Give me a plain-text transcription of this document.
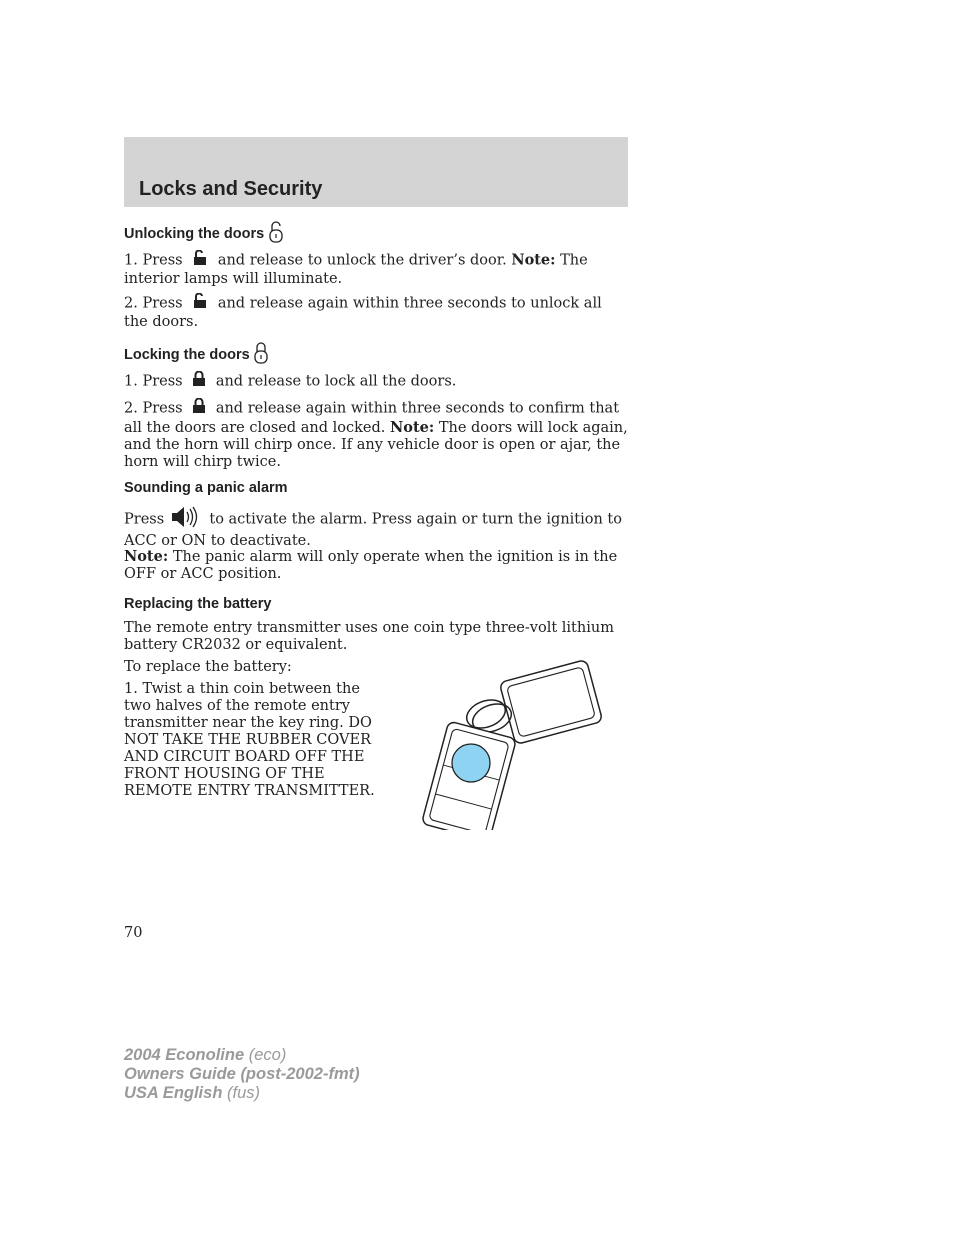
Locks and Security
Unlocking the doors
1. Press and release to unlock the driver’s door. Note: The interior lamps will illuminate.
2. Press and release again within three seconds to unlock all the doors.
Locking the doors
1. Press and release to lock all the doors.
2. Press and release again within three seconds to confirm that all the doors are closed and locked. Note: The doors will lock again, and the horn will chirp once. If any vehicle door is open or ajar, the horn will chirp twice.
Sounding a panic alarm
Press	to activate the alarm. Press again or turn the ignition to ACC or ON to deactivate.
Note: The panic alarm will only operate when the ignition is in the OFF or ACC position.
Replacing the battery
The remote entry transmitter uses one coin type three-volt lithium battery CR2032 or equivalent.
To replace the battery:
1. Twist a thin coin between the two halves of the remote entry transmitter near the key ring. DO NOT TAKE THE RUBBER COVER AND CIRCUIT BOARD OFF THE FRONT HOUSING OF THE REMOTE ENTRY TRANSMITTER.
70
2004 Econoline (eco)
Owners Guide (post-2002-fmt)
USA English (fus)
